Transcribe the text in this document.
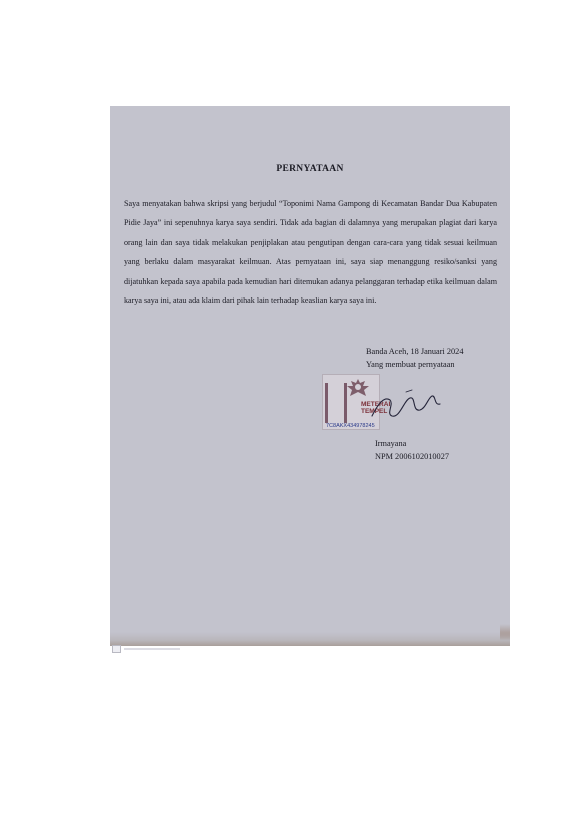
PERNYATAAN

Saya menyatakan bahwa skripsi yang berjudul “Toponimi Nama Gampong di Kecamatan Bandar Dua Kabupaten Pidie Jaya” ini sepenuhnya karya saya sendiri. Tidak ada bagian di dalamnya yang merupakan plagiat dari karya orang lain dan saya tidak melakukan penjiplakan atau pengutipan dengan cara-cara yang tidak sesuai keilmuan yang berlaku dalam masyarakat keilmuan. Atas pernyataan ini, saya siap menanggung resiko/sanksi yang dijatuhkan kepada saya apabila pada kemudian hari ditemukan adanya pelanggaran terhadap etika keilmuan dalam karya saya ini, atau ada klaim dari pihak lain terhadap keaslian karya saya ini.

Banda Aceh, 18 Januari 2024
Yang membuat pernyataan
METERAI
TEMPEL
7C8AKX434978245
Irmayana
NPM 2006102010027
